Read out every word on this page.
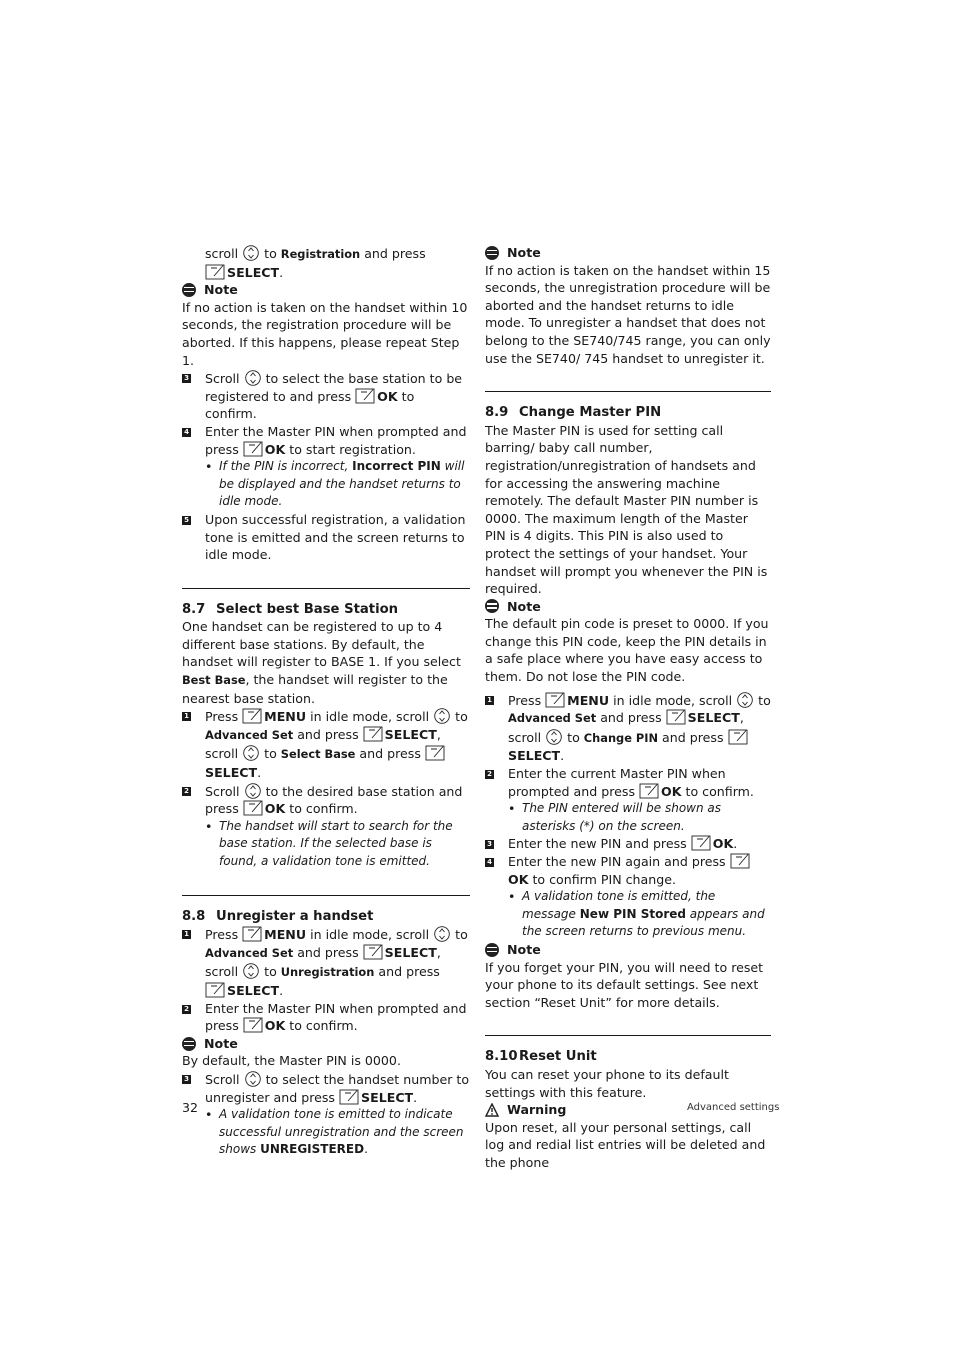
scroll to Registration and press
SELECT.

Note

If no action is taken on the handset within 10 seconds, the registration procedure will be aborted. If this happens, please repeat Step 1.

3 Scroll to select the base station to be registered to and press OK to confirm.
4 Enter the Master PIN when prompted and press OK to start registration.
• If the PIN is incorrect, Incorrect PIN will be displayed and the handset returns to idle mode.
5 Upon successful registration, a validation tone is emitted and the screen returns to idle mode.

8.7 Select best Base Station

One handset can be registered to up to 4 different base stations. By default, the handset will register to BASE 1. If you select Best Base, the handset will register to the nearest base station.

1 Press MENU in idle mode, scroll to Advanced Set and press SELECT, scroll to Select Base and press SELECT.
2 Scroll to the desired base station and press OK to confirm.
• The handset will start to search for the base station. If the selected base is found, a validation tone is emitted.

8.8 Unregister a handset

1 Press MENU in idle mode, scroll to Advanced Set and press SELECT, scroll to Unregistration and press
SELECT.
2 Enter the Master PIN when prompted and press OK to confirm.

Note

By default, the Master PIN is 0000.

3 Scroll to select the handset number to unregister and press SELECT.
• A validation tone is emitted to indicate successful unregistration and the screen shows UNREGISTERED.

Note

If no action is taken on the handset within 15 seconds, the unregistration procedure will be aborted and the handset returns to idle mode. To unregister a handset that does not belong to the SE740/745 range, you can only use the SE740/ 745 handset to unregister it.

8.9 Change Master PIN

The Master PIN is used for setting call barring/ baby call number, registration/unregistration of handsets and for accessing the answering machine remotely. The default Master PIN number is 0000. The maximum length of the Master PIN is 4 digits. This PIN is also used to protect the settings of your handset. Your handset will prompt you whenever the PIN is required.

Note

The default pin code is preset to 0000. If you change this PIN code, keep the PIN details in a safe place where you have easy access to them. Do not lose the PIN code.

1 Press MENU in idle mode, scroll to Advanced Set and press SELECT, scroll to Change PIN and press SELECT.
2 Enter the current Master PIN when prompted and press OK to confirm.
• The PIN entered will be shown as asterisks (*) on the screen.
3 Enter the new PIN and press OK.
4 Enter the new PIN again and press OK to confirm PIN change.
• A validation tone is emitted, the message New PIN Stored appears and the screen returns to previous menu.

Note

If you forget your PIN, you will need to reset your phone to its default settings. See next section “Reset Unit” for more details.

8.10Reset Unit

You can reset your phone to its default settings with this feature.

Warning

Upon reset, all your personal settings, call log and redial list entries will be deleted and the phone

32	Advanced settings
